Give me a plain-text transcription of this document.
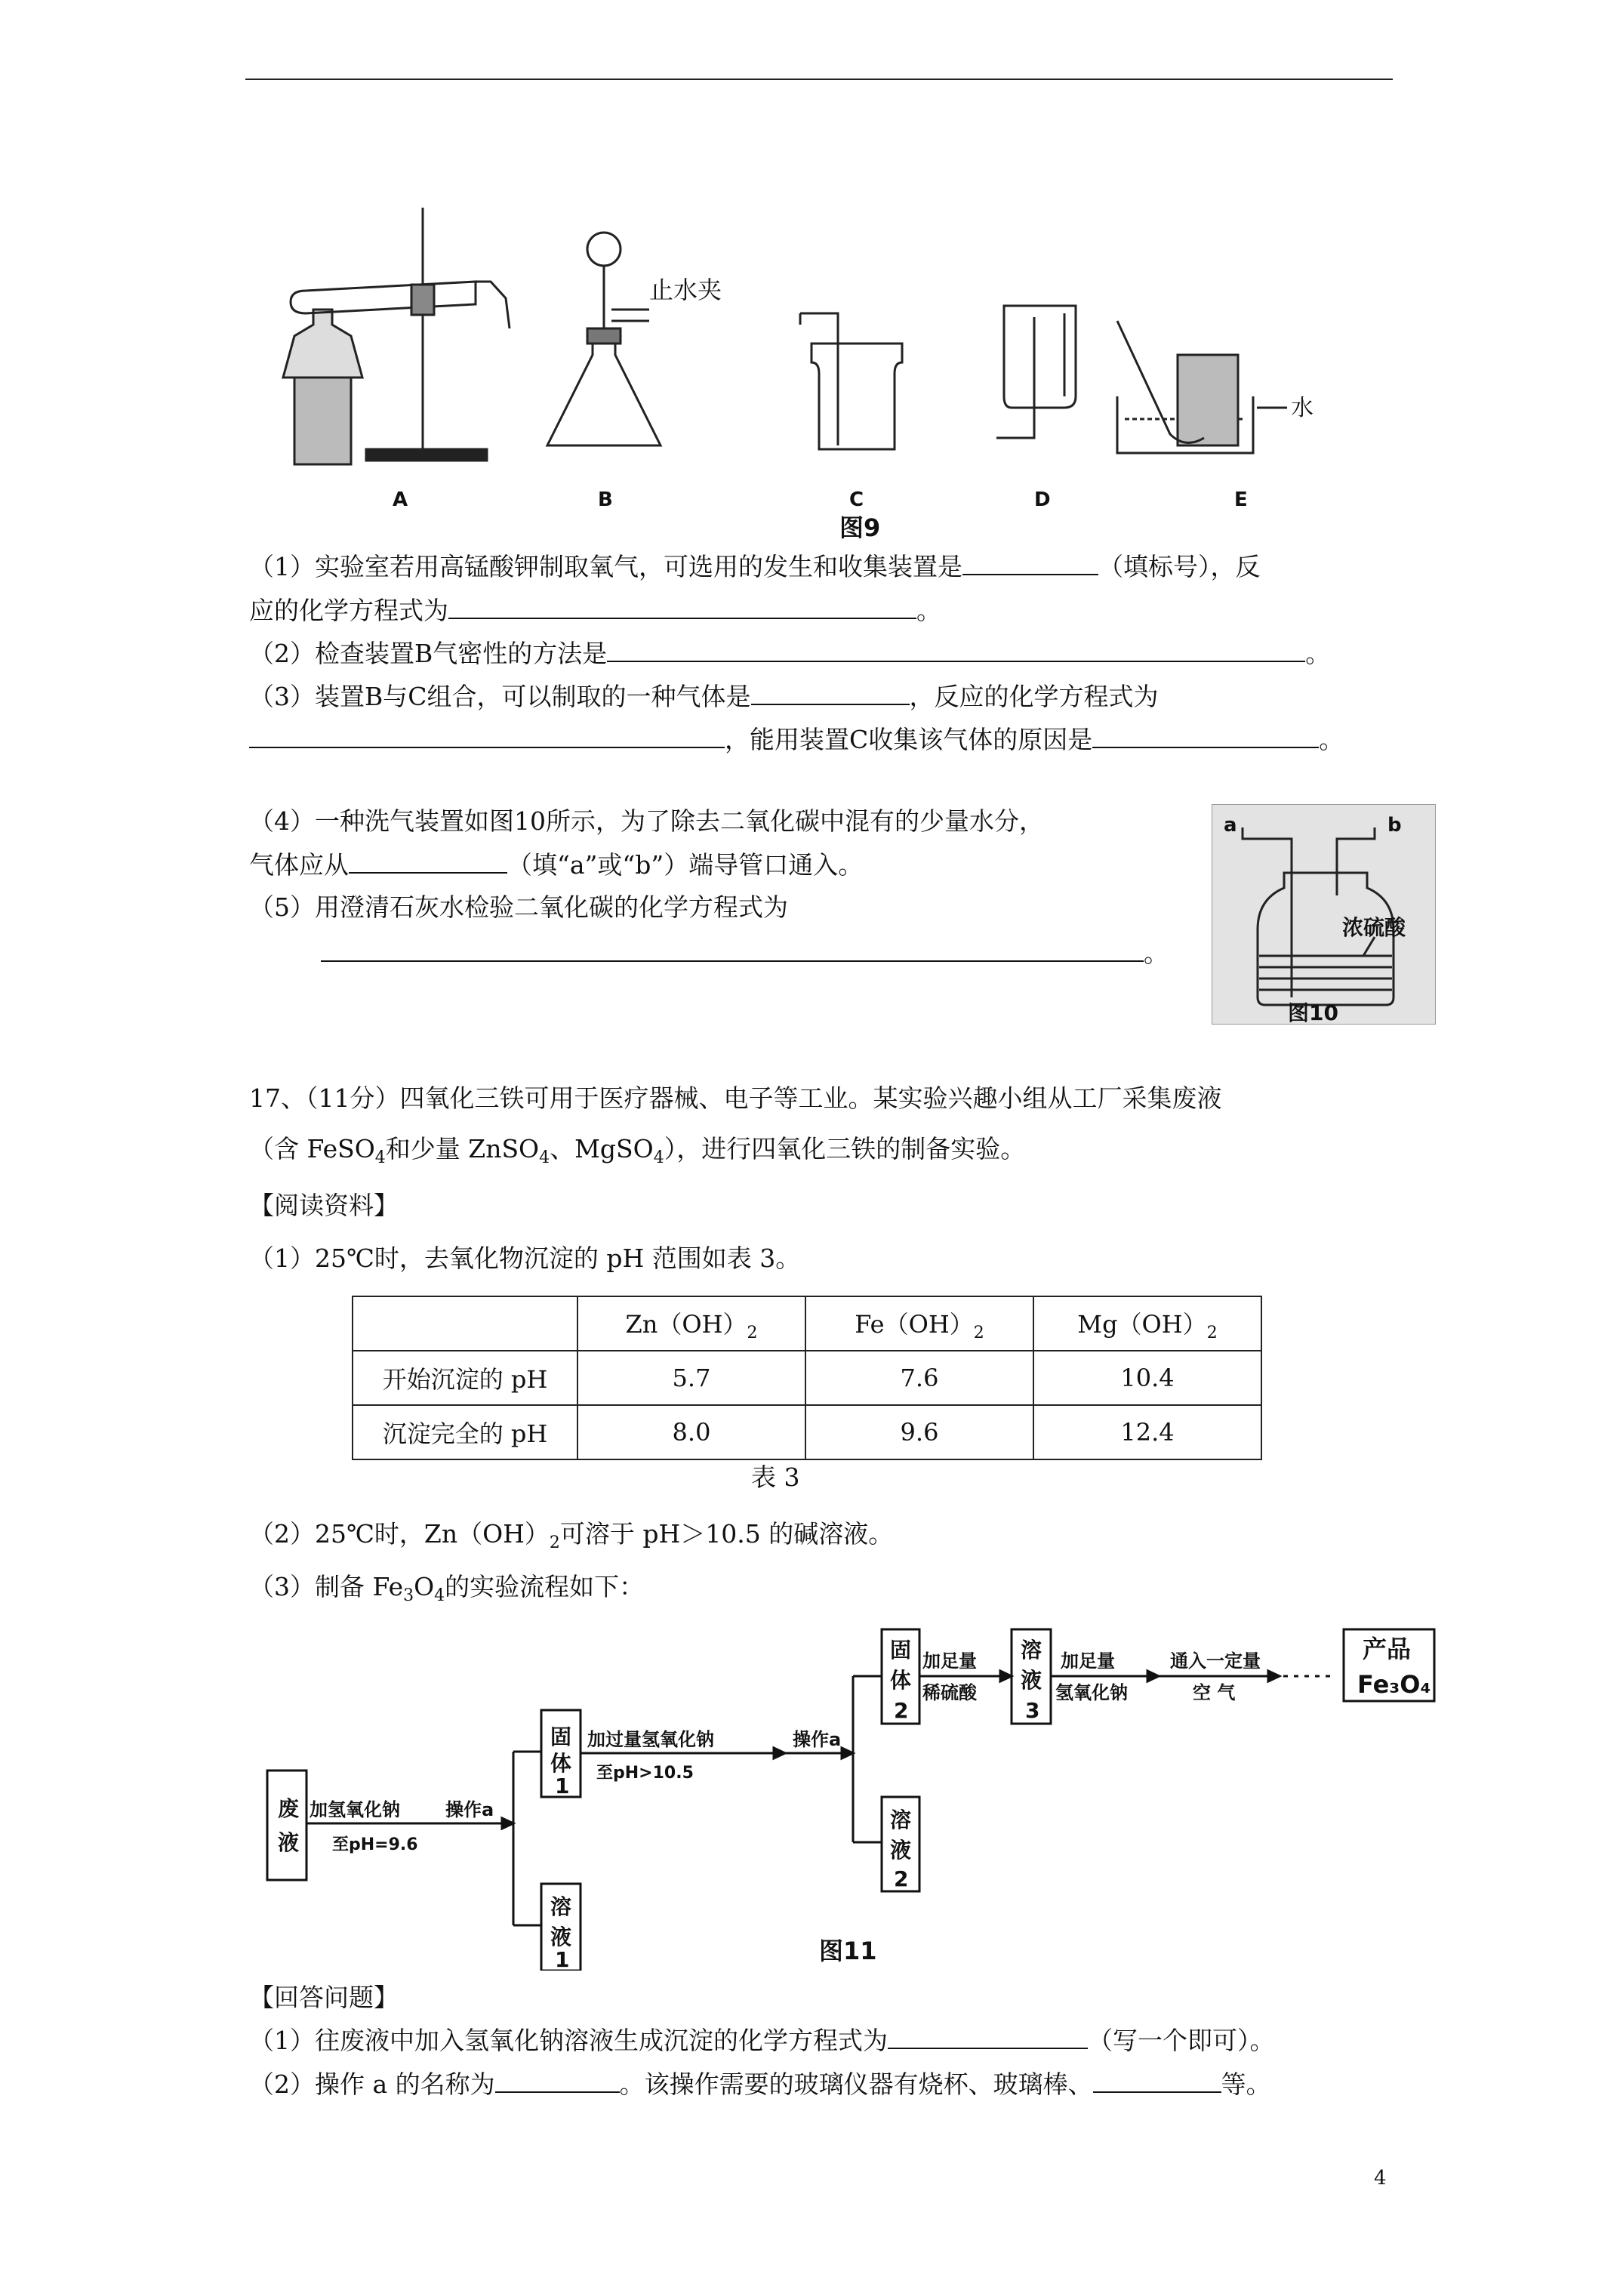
A	B	C	D	E
图9
止水夹
水
（1）实验室若用高锰酸钾制取氧气，可选用的发生和收集装置是	（填标号），反
应的化学方程式为	。
（2）检查装置B气密性的方法是	。
（3）装置B与C组合，可以制取的一种气体是	，反应的化学方程式为
，能用装置C收集该气体的原因是	。
（4）一种洗气装置如图10所示，为了除去二氧化碳中混有的少量水分，
气体应从	（填“a”或“b”）端导管口通入。
（5）用澄清石灰水检验二氧化碳的化学方程式为
。
a	b
浓硫酸
图10
17、（11分）四氧化三铁可用于医疗器械、电子等工业。某实验兴趣小组从工厂采集废液
（含 FeSO$_4$和少量 ZnSO$_4$、MgSO$_4$），进行四氧化三铁的制备实验。
【阅读资料】
（1）25℃时，去氧化物沉淀的 pH 范围如表 3。
	$Zn(OH)_2$	$Fe(OH)_2$	$Mg(OH)_2$
开始沉淀的 pH	5.7	7.6	10.4
沉淀完全的 pH	8.0	9.6	12.4
表 3
（2）25℃时，$Zn(OH)_2$可溶于 pH＞10.5 的碱溶液。
（3）制备 $Fe_3O_4$的实验流程如下：
废
液
加氢氧化钠
至pH=9.6
操作a
固
体
1
溶
液
1
加过量氢氧化钠
至pH>10.5
操作a
固
体
2
溶
液
2
加足量
稀硫酸
溶
液
3
加足量
氢氧化钠
通入一定量
空 气
产品
Fe₃O₄
图11
【回答问题】
（1）往废液中加入氢氧化钠溶液生成沉淀的化学方程式为	（写一个即可）。
（2）操作 a 的名称为	。该操作需要的玻璃仪器有烧杯、玻璃棒、	等。
4
